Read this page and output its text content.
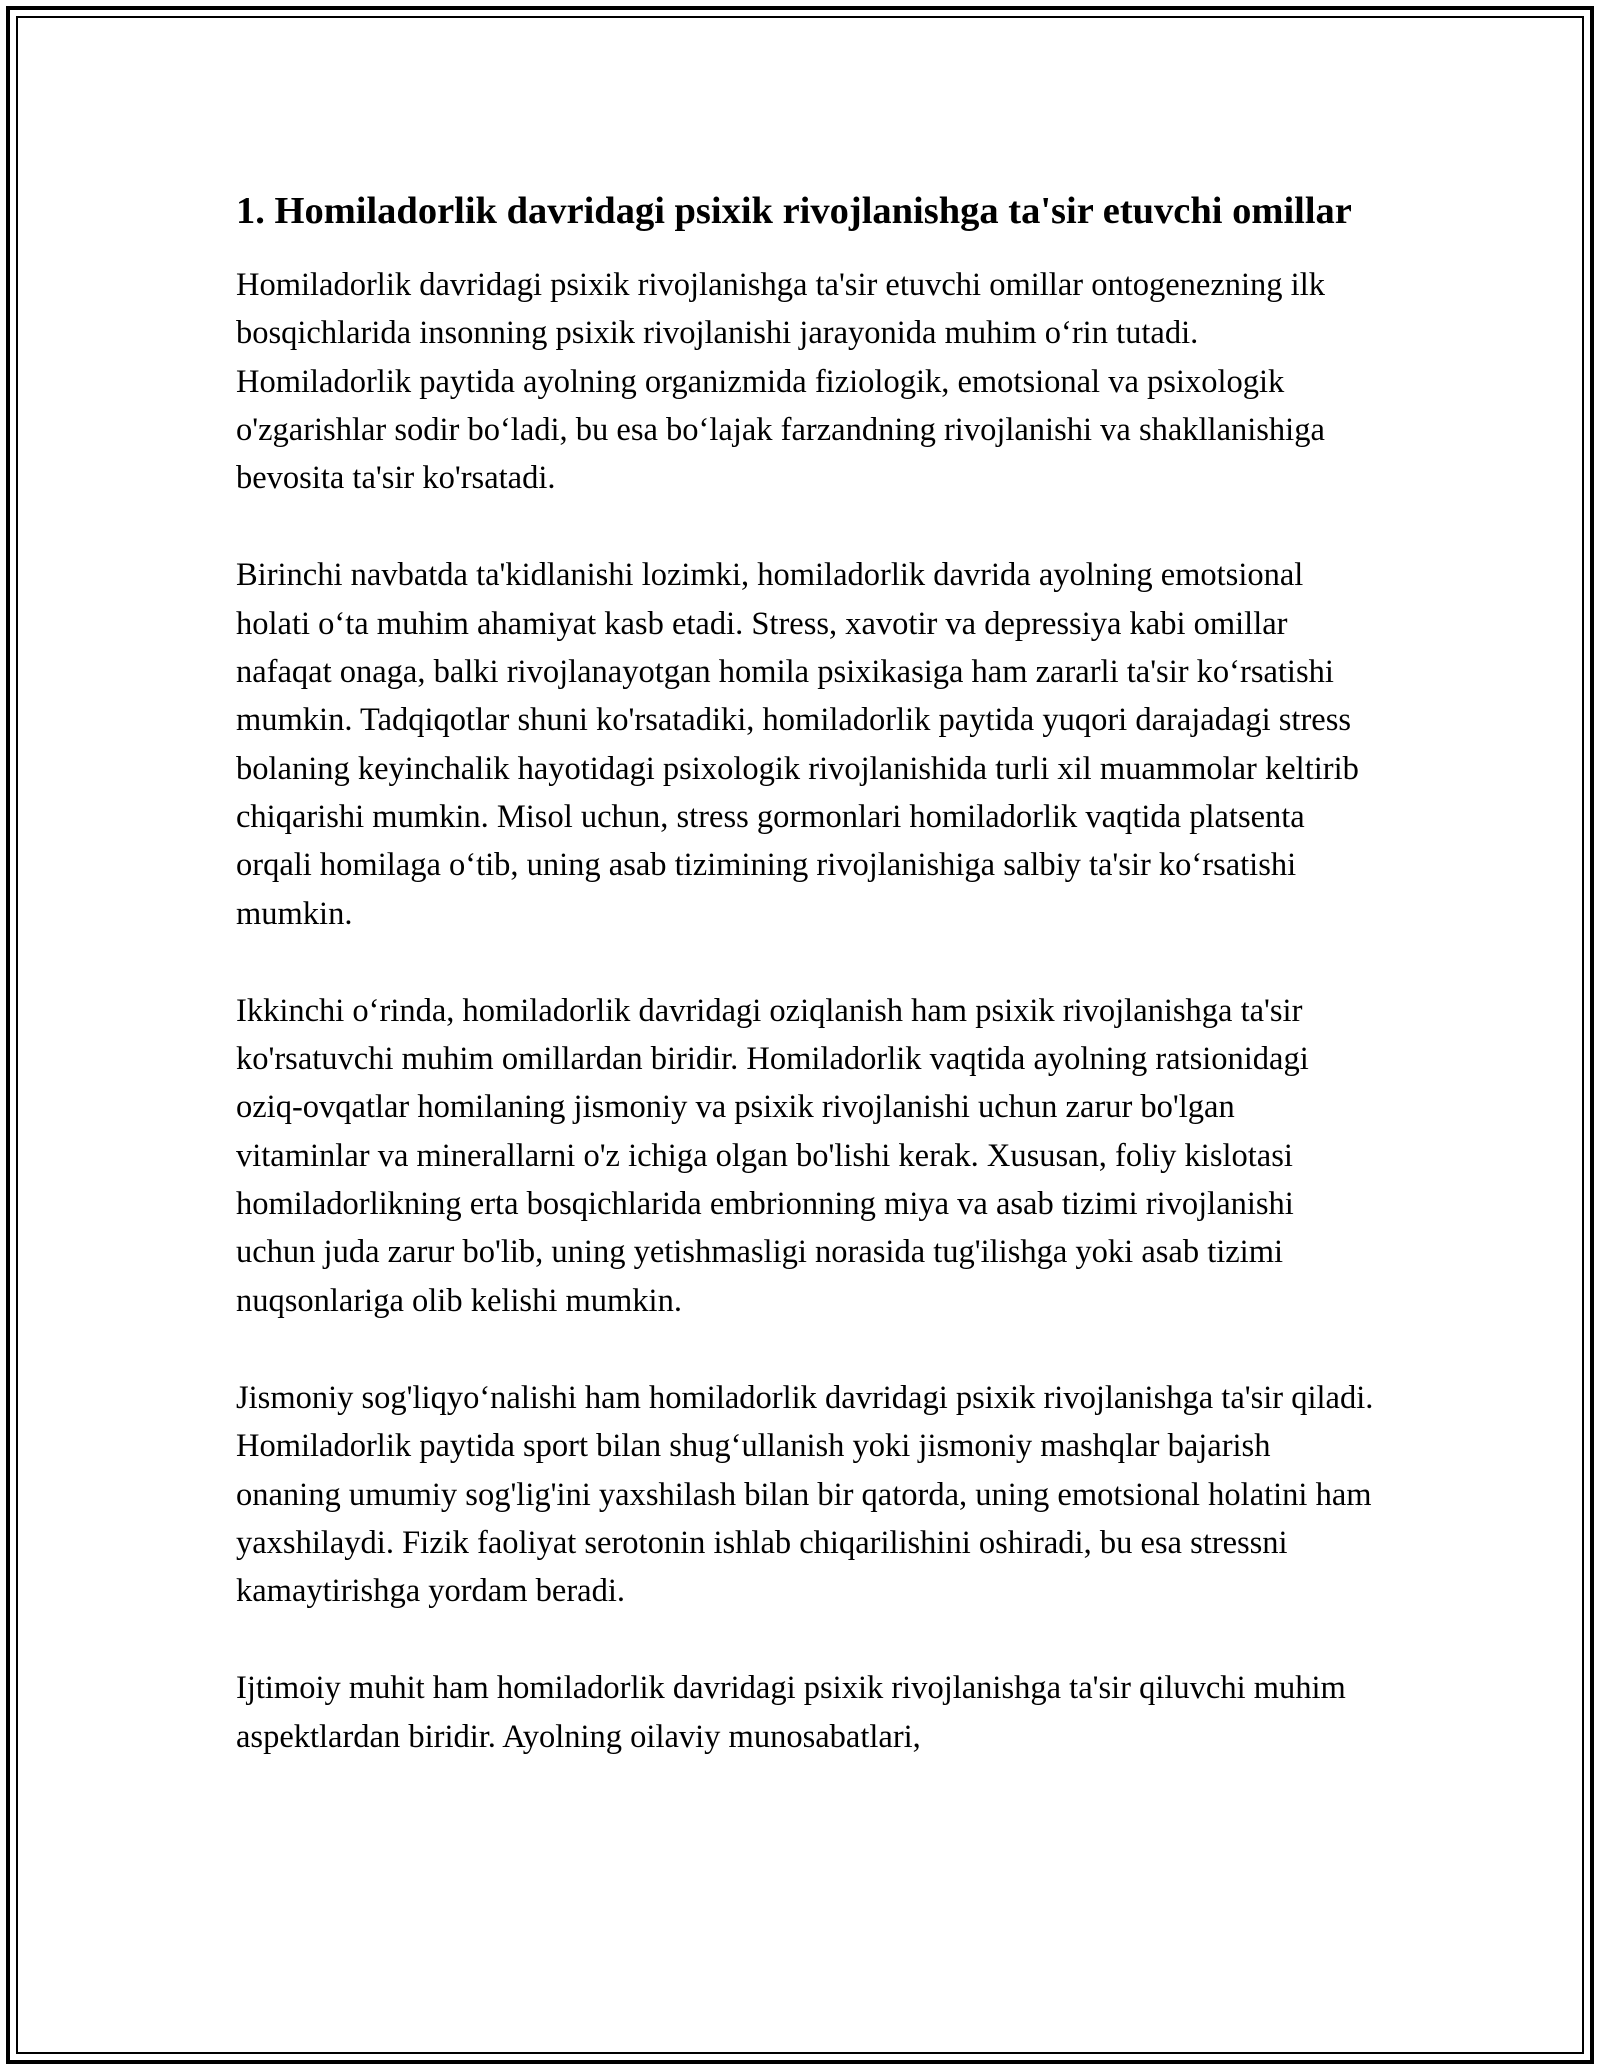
1. Homiladorlik davridagi psixik rivojlanishga ta'sir etuvchi omillar

Homiladorlik davridagi psixik rivojlanishga ta'sir etuvchi omillar ontogenezning ilk bosqichlarida insonning psixik rivojlanishi jarayonida muhim o‘rin tutadi. Homiladorlik paytida ayolning organizmida fiziologik, emotsional va psixologik o'zgarishlar sodir bo‘ladi, bu esa bo‘lajak farzandning rivojlanishi va shakllanishiga bevosita ta'sir ko'rsatadi.

Birinchi navbatda ta'kidlanishi lozimki, homiladorlik davrida ayolning emotsional holati o‘ta muhim ahamiyat kasb etadi. Stress, xavotir va depressiya kabi omillar nafaqat onaga, balki rivojlanayotgan homila psixikasiga ham zararli ta'sir ko‘rsatishi mumkin. Tadqiqotlar shuni ko'rsatadiki, homiladorlik paytida yuqori darajadagi stress bolaning keyinchalik hayotidagi psixologik rivojlanishida turli xil muammolar keltirib chiqarishi mumkin. Misol uchun, stress gormonlari homiladorlik vaqtida platsenta orqali homilaga o‘tib, uning asab tizimining rivojlanishiga salbiy ta'sir ko‘rsatishi mumkin.

Ikkinchi o‘rinda, homiladorlik davridagi oziqlanish ham psixik rivojlanishga ta'sir ko'rsatuvchi muhim omillardan biridir. Homiladorlik vaqtida ayolning ratsionidagi oziq-ovqatlar homilaning jismoniy va psixik rivojlanishi uchun zarur bo'lgan vitaminlar va minerallarni o'z ichiga olgan bo'lishi kerak. Xususan, foliy kislotasi homiladorlikning erta bosqichlarida embrionning miya va asab tizimi rivojlanishi uchun juda zarur bo'lib, uning yetishmasligi norasida tug'ilishga yoki asab tizimi nuqsonlariga olib kelishi mumkin.

Jismoniy sog'liqyo‘nalishi ham homiladorlik davridagi psixik rivojlanishga ta'sir qiladi. Homiladorlik paytida sport bilan shug‘ullanish yoki jismoniy mashqlar bajarish onaning umumiy sog'lig'ini yaxshilash bilan bir qatorda, uning emotsional holatini ham yaxshilaydi. Fizik faoliyat serotonin ishlab chiqarilishini oshiradi, bu esa stressni kamaytirishga yordam beradi.

Ijtimoiy muhit ham homiladorlik davridagi psixik rivojlanishga ta'sir qiluvchi muhim aspektlardan biridir. Ayolning oilaviy munosabatlari,
